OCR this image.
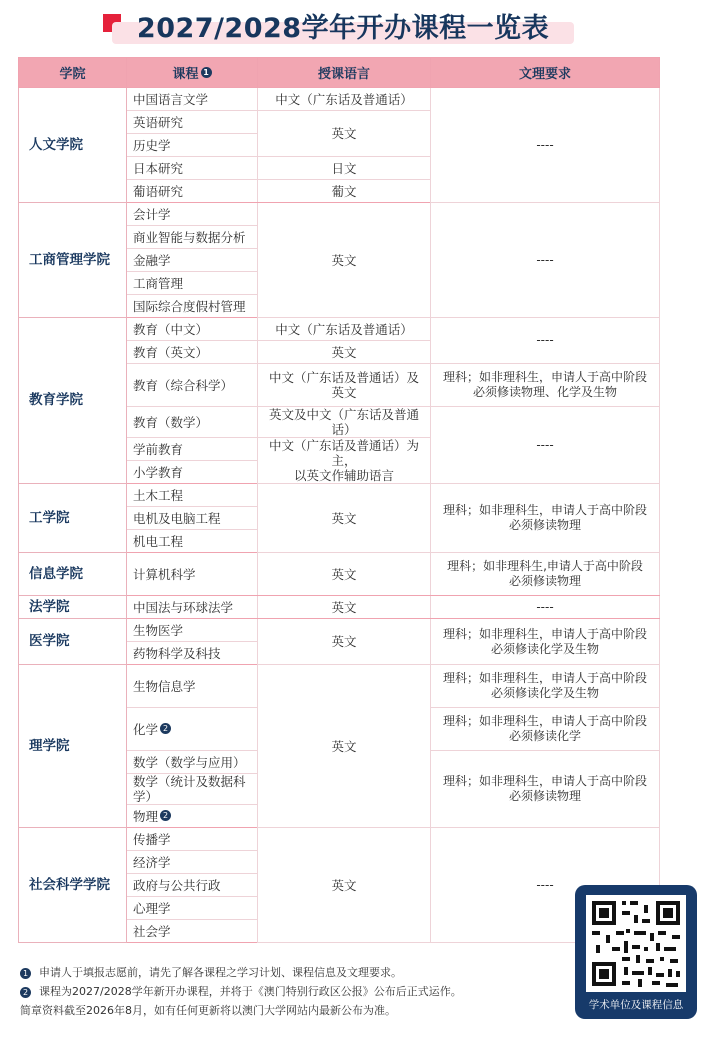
2027/2028学年开办课程一览表
学院	课程 1	授课语言	文理要求
人文学院	中国语言文学	中文（广东话及普通话）	----
	英语研究	英文	
	历史学		
	日本研究	日文	
	葡语研究	葡文	
工商管理学院	会计学	英文	----
	商业智能与数据分析		
	金融学		
	工商管理		
	国际综合度假村管理		
教育学院	教育（中文）	中文（广东话及普通话）	----
	教育（英文）	英文	
	教育（综合科学）	中文（广东话及普通话）及英文	理科；如非理科生，申请人于高中阶段
必须修读物理、化学及生物

	教育（数学）	英文及中文（广东话及普通话）	----
	学前教育	中文（广东话及普通话）为主，
以英文作辅助语言	

	小学教育		
工学院	土木工程	英文	理科；如非理科生，申请人于高中阶段
必须修读物理

	电机及电脑工程		
	机电工程		
信息学院	计算机科学	英文	理科；如非理科生,申请人于高中阶段
必须修读物理

法学院	中国法与环球法学	英文	----
医学院	生物医学	英文	理科；如非理科生，申请人于高中阶段
必须修读化学及生物

	药物科学及科技		
理学院	生物信息学	英文	理科；如非理科生，申请人于高中阶段
必须修读化学及生物

	化学 2		理科；如非理科生，申请人于高中阶段
必须修读化学

	数学（数学与应用）		理科；如非理科生，申请人于高中阶段
必须修读物理

	数学（统计及数据科学）		
	物理 2		
社会科学学院	传播学	英文	----
	经济学		
	政府与公共行政		
	心理学		
	社会学		
1 申请人于填报志愿前，请先了解各课程之学习计划、课程信息及文理要求。
2 课程为2027/2028学年新开办课程，并将于《澳门特别行政区公报》公布后正式运作。
简章资料截至2026年8月，如有任何更新将以澳门大学网站内最新公布为准。	学术单位及课程信息
